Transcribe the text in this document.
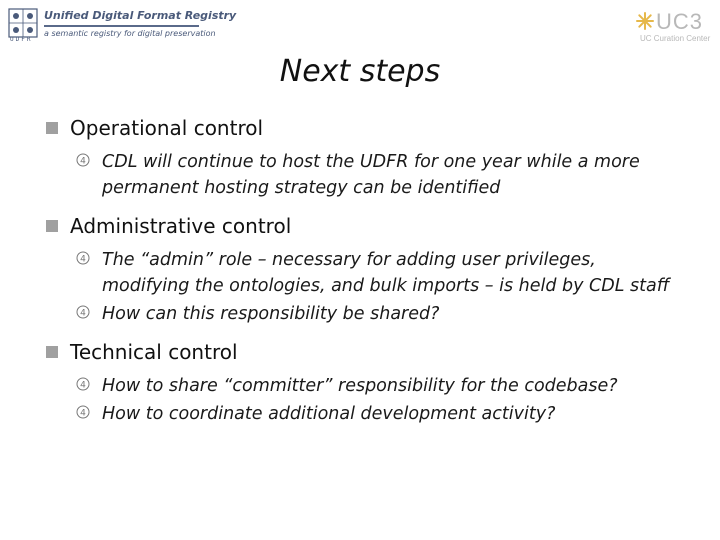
UDFR
Unified Digital Format Registry
a semantic registry for digital preservation	UC3
UC Curation Center
Next steps
Operational control
4 CDL will continue to host the UDFR for one year while a more permanent hosting strategy can be identified
Administrative control
4 The “admin” role – necessary for adding user privileges, modifying the ontologies, and bulk imports – is held by CDL staff
4 How can this responsibility be shared?
Technical control
4 How to share “committer” responsibility for the codebase?
4 How to coordinate additional development activity?
